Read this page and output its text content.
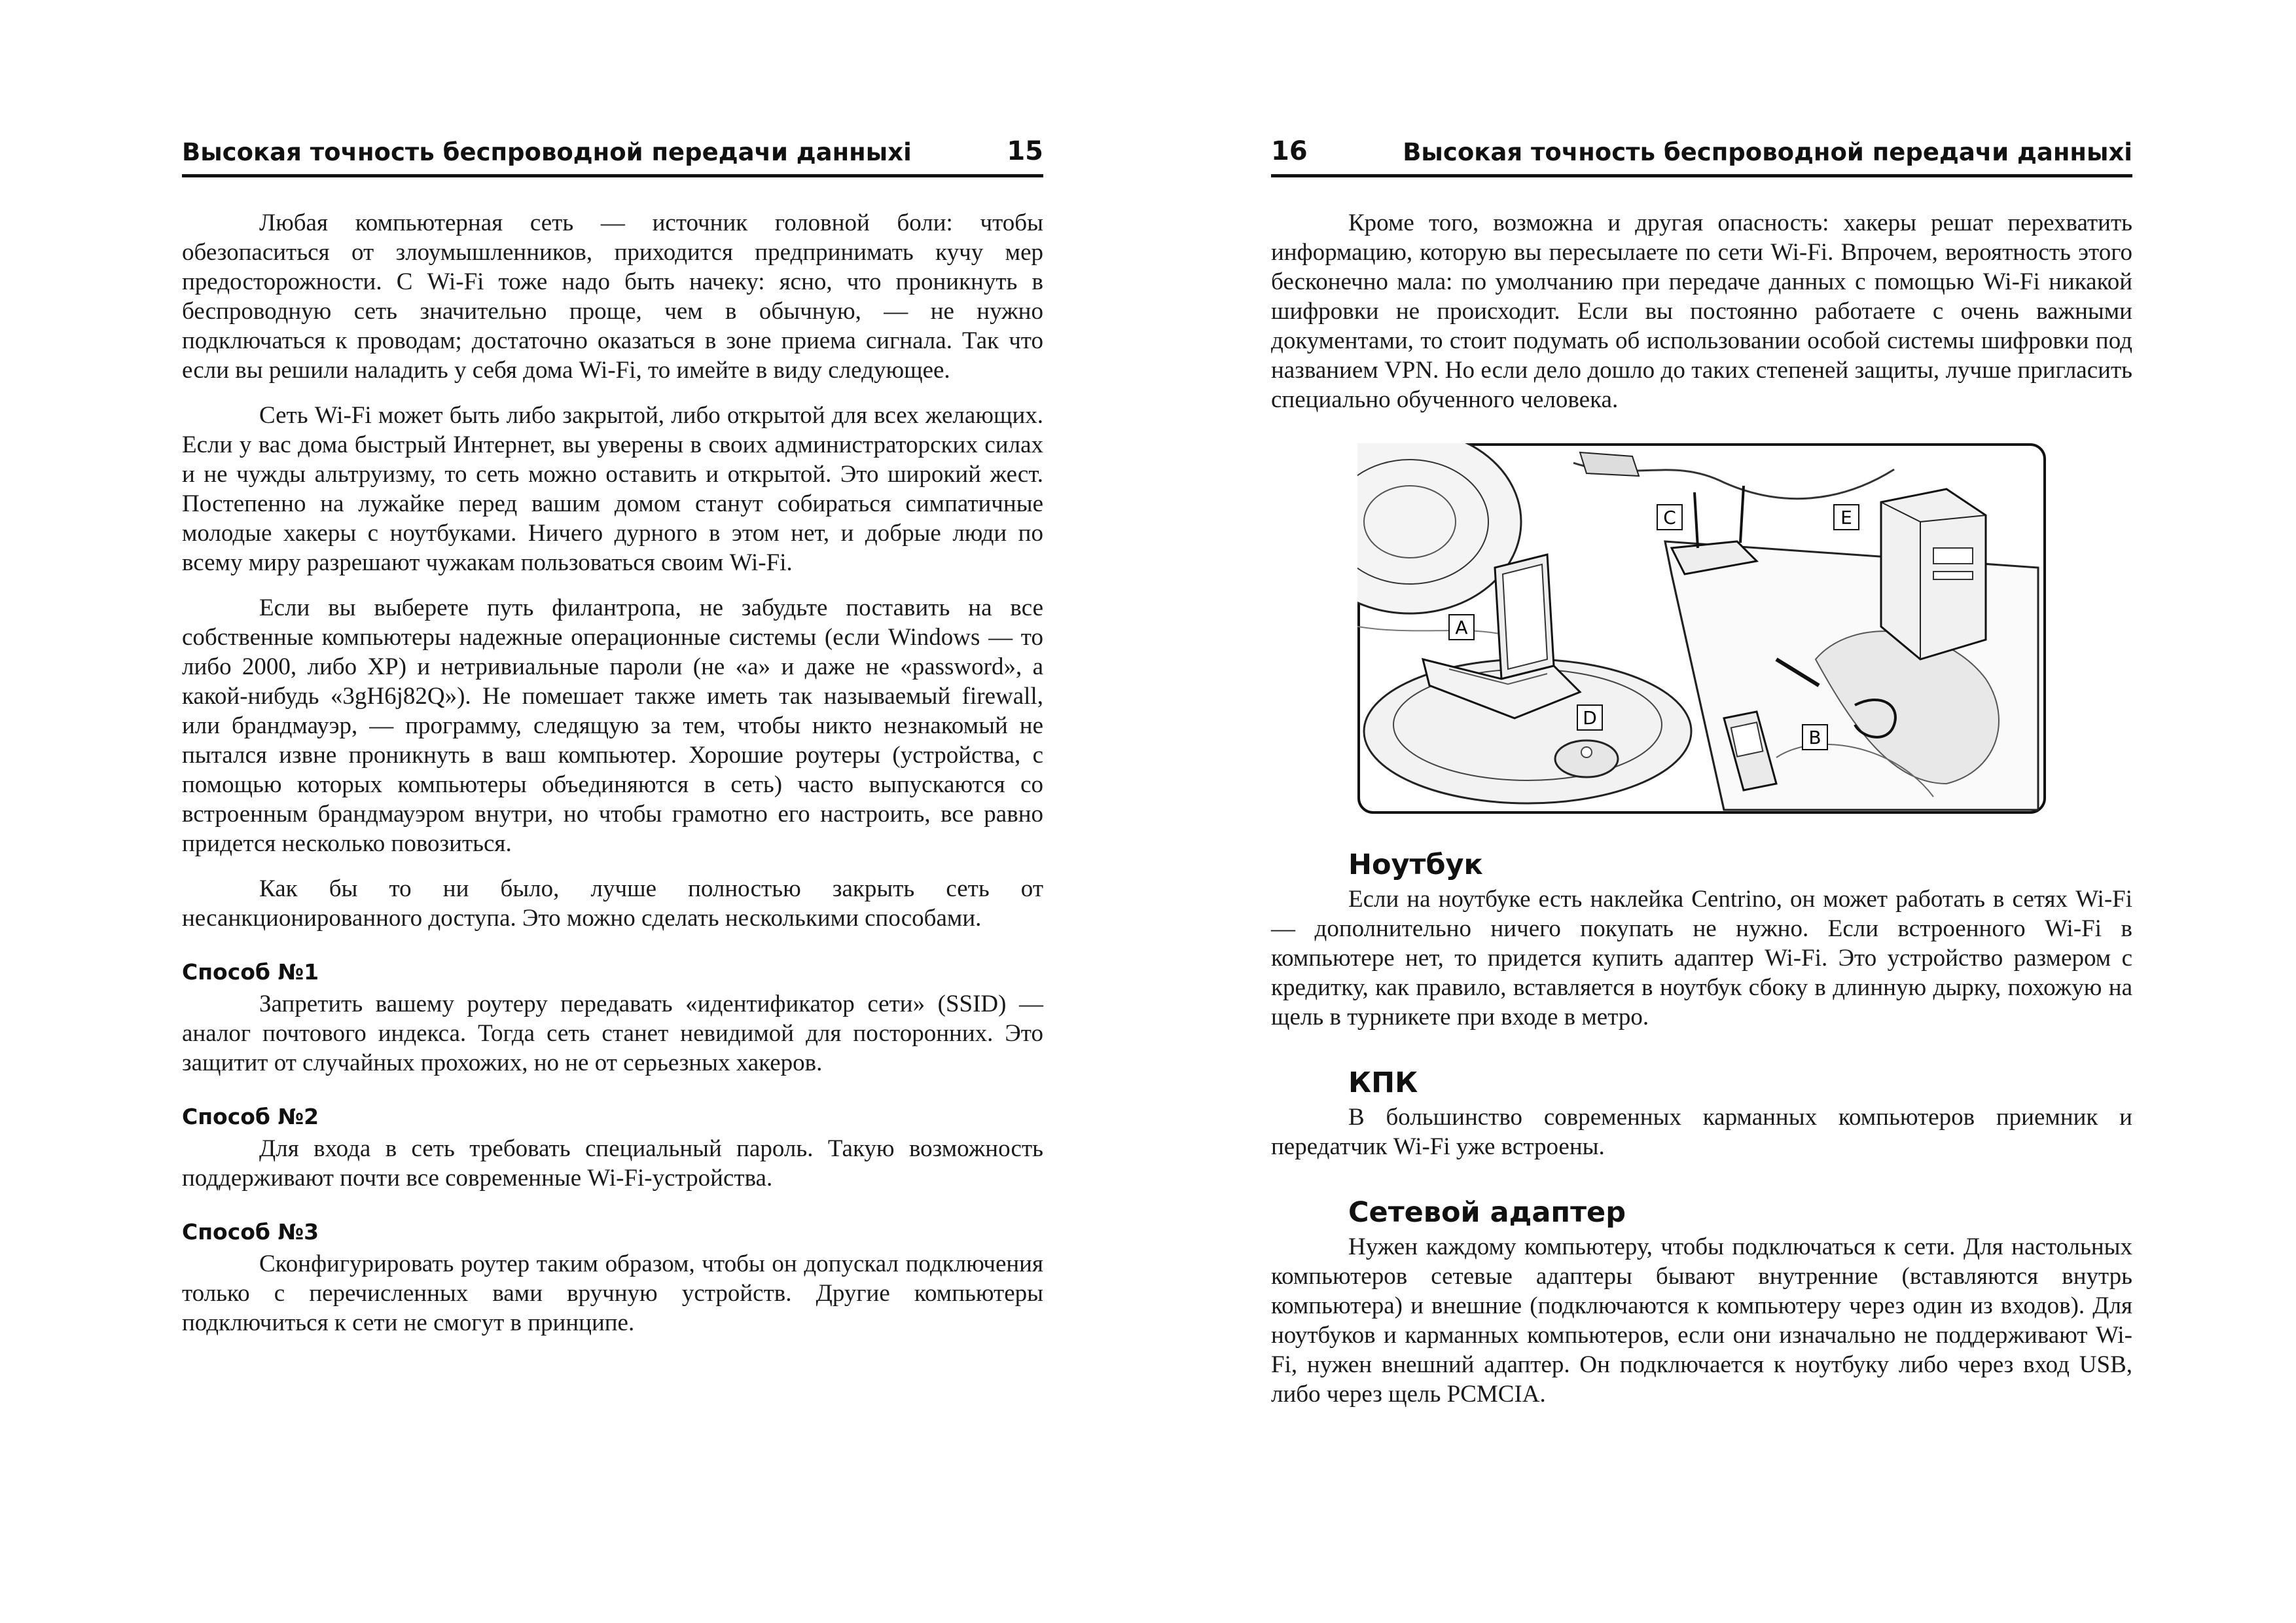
Высокая точность беспроводной передачи данныхі	15

Любая компьютерная сеть — источник головной боли: чтобы обезопаситься от злоумышленников, приходится предпринимать кучу мер предосторожности. С Wi-Fi тоже надо быть начеку: ясно, что проникнуть в беспроводную сеть значительно проще, чем в обычную, — не нужно подключаться к проводам; достаточно оказаться в зоне приема сигнала. Так что если вы решили наладить у себя дома Wi-Fi, то имейте в виду следующее.

Сеть Wi-Fi может быть либо закрытой, либо открытой для всех желающих. Если у вас дома быстрый Интернет, вы уверены в своих администраторских силах и не чужды альтруизму, то сеть можно оставить и открытой. Это широкий жест. Постепенно на лужайке перед вашим домом станут собираться симпатичные молодые хакеры с ноутбуками. Ничего дурного в этом нет, и добрые люди по всему миру разрешают чужакам пользоваться своим Wi-Fi.

Если вы выберете путь филантропа, не забудьте поставить на все собственные компьютеры надежные операционные системы (если Windows — то либо 2000, либо XP) и нетривиальные пароли (не «a» и даже не «password», а какой-нибудь «3gH6j82Q»). Не помешает также иметь так называемый firewall, или брандмауэр, — программу, следящую за тем, чтобы никто незнакомый не пытался извне проникнуть в ваш компьютер. Хорошие роутеры (устройства, с помощью которых компьютеры объединяются в сеть) часто выпускаются со встроенным брандмауэром внутри, но чтобы грамотно его настроить, все равно придется несколько повозиться.

Как бы то ни было, лучше полностью закрыть сеть от несанкционированного доступа. Это можно сделать несколькими способами.

Способ №1

Запретить вашему роутеру передавать «идентификатор сети» (SSID) — аналог почтового индекса. Тогда сеть станет невидимой для посторонних. Это защитит от случайных прохожих, но не от серьезных хакеров.

Способ №2

Для входа в сеть требовать специальный пароль. Такую возможность поддерживают почти все современные Wi-Fi-устройства.

Способ №3

Сконфигурировать роутер таким образом, чтобы он допускал подключения только с перечисленных вами вручную устройств. Другие компьютеры подключиться к сети не смогут в принципе.

16	Высокая точность беспроводной передачи данныхі

Кроме того, возможна и другая опасность: хакеры решат перехватить информацию, которую вы пересылаете по сети Wi-Fi. Впрочем, вероятность этого бесконечно мала: по умолчанию при передаче данных с помощью Wi-Fi никакой шифровки не происходит. Если вы постоянно работаете с очень важными документами, то стоит подумать об использовании особой системы шифровки под названием VPN. Но если дело дошло до таких степеней защиты, лучше пригласить специально обученного человека.

A
B
C
D
E
Ноутбук

Если на ноутбуке есть наклейка Centrino, он может работать в сетях Wi-Fi — дополнительно ничего покупать не нужно. Если встроенного Wi-Fi в компьютере нет, то придется купить адаптер Wi-Fi. Это устройство размером с кредитку, как правило, вставляется в ноутбук сбоку в длинную дырку, похожую на щель в турникете при входе в метро.

КПК

В большинство современных карманных компьютеров приемник и передатчик Wi-Fi уже встроены.

Сетевой адаптер

Нужен каждому компьютеру, чтобы подключаться к сети. Для настольных компьютеров сетевые адаптеры бывают внутренние (вставляются внутрь компьютера) и внешние (подключаются к компьютеру через один из входов). Для ноутбуков и карманных компьютеров, если они изначально не поддерживают Wi-Fi, нужен внешний адаптер. Он подключается к ноутбуку либо через вход USB, либо через щель PCMCIA.
